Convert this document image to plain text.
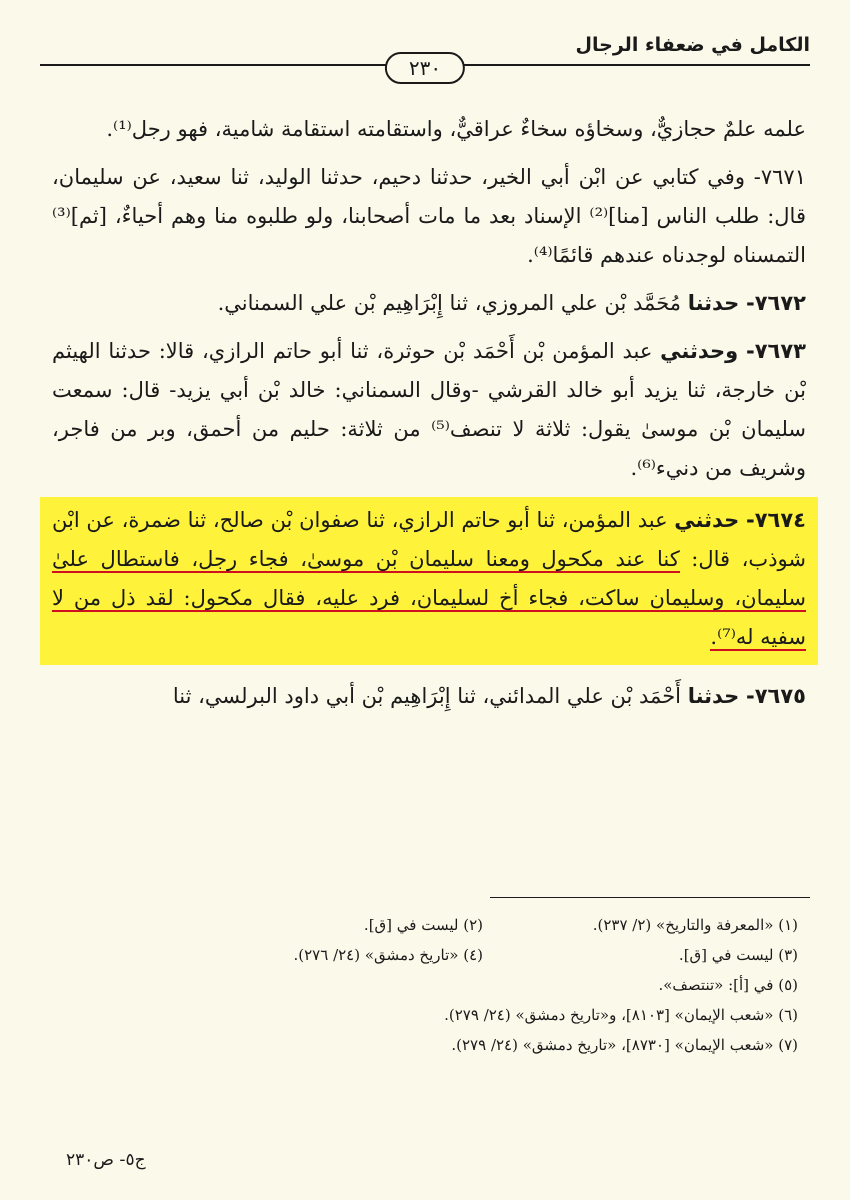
الكامل في ضعفاء الرجال
٢٣٠

علمه علمٌ حجازيٌّ، وسخاؤه سخاءٌ عراقيٌّ، واستقامته استقامة شامية، فهو رجل⁽¹⁾.

٧٦٧١- وفي كتابي عن ابْن أبي الخير، حدثنا دحيم، حدثنا الوليد، ثنا سعيد، عن سليمان، قال: طلب الناس [منا]⁽²⁾ الإسناد بعد ما مات أصحابنا، ولو طلبوه منا وهم أحياءٌ، [ثم]⁽³⁾ التمسناه لوجدناه عندهم قائمًا⁽⁴⁾.

٧٦٧٢- حدثنا مُحَمَّد بْن علي المروزي، ثنا إِبْرَاهِيم بْن علي السمناني.

٧٦٧٣- وحدثني عبد المؤمن بْن أَحْمَد بْن حوثرة، ثنا أبو حاتم الرازي، قالا: حدثنا الهيثم بْن خارجة، ثنا يزيد أبو خالد القرشي -وقال السمناني: خالد بْن أبي يزيد- قال: سمعت سليمان بْن موسىٰ يقول: ثلاثة لا تنصف⁽⁵⁾ من ثلاثة: حليم من أحمق، وبر من فاجر، وشريف من دنيء⁽⁶⁾.

٧٦٧٤- حدثني عبد المؤمن، ثنا أبو حاتم الرازي، ثنا صفوان بْن صالح، ثنا ضمرة، عن ابْن شوذب، قال: كنا عند مكحول ومعنا سليمان بْن موسىٰ، فجاء رجل، فاستطال علىٰ سليمان، وسليمان ساكت، فجاء أخ لسليمان، فرد عليه، فقال مكحول: لقد ذل من لا سفيه له⁽⁷⁾.

٧٦٧٥- حدثنا أَحْمَد بْن علي المدائني، ثنا إِبْرَاهِيم بْن أبي داود البرلسي، ثنا

(١) «المعرفة والتاريخ» (٢/ ٢٣٧).
(٢) ليست في [ق].
(٣) ليست في [ق].
(٤) «تاريخ دمشق» (٢٤/ ٢٧٦).
(٥) في [أ]: «تنتصف».
(٦) «شعب الإيمان» [٨١٠٣]، و«تاريخ دمشق» (٢٤/ ٢٧٩).
(٧) «شعب الإيمان» [٨٧٣٠]، «تاريخ دمشق» (٢٤/ ٢٧٩).
ج٥- ص٢٣٠
